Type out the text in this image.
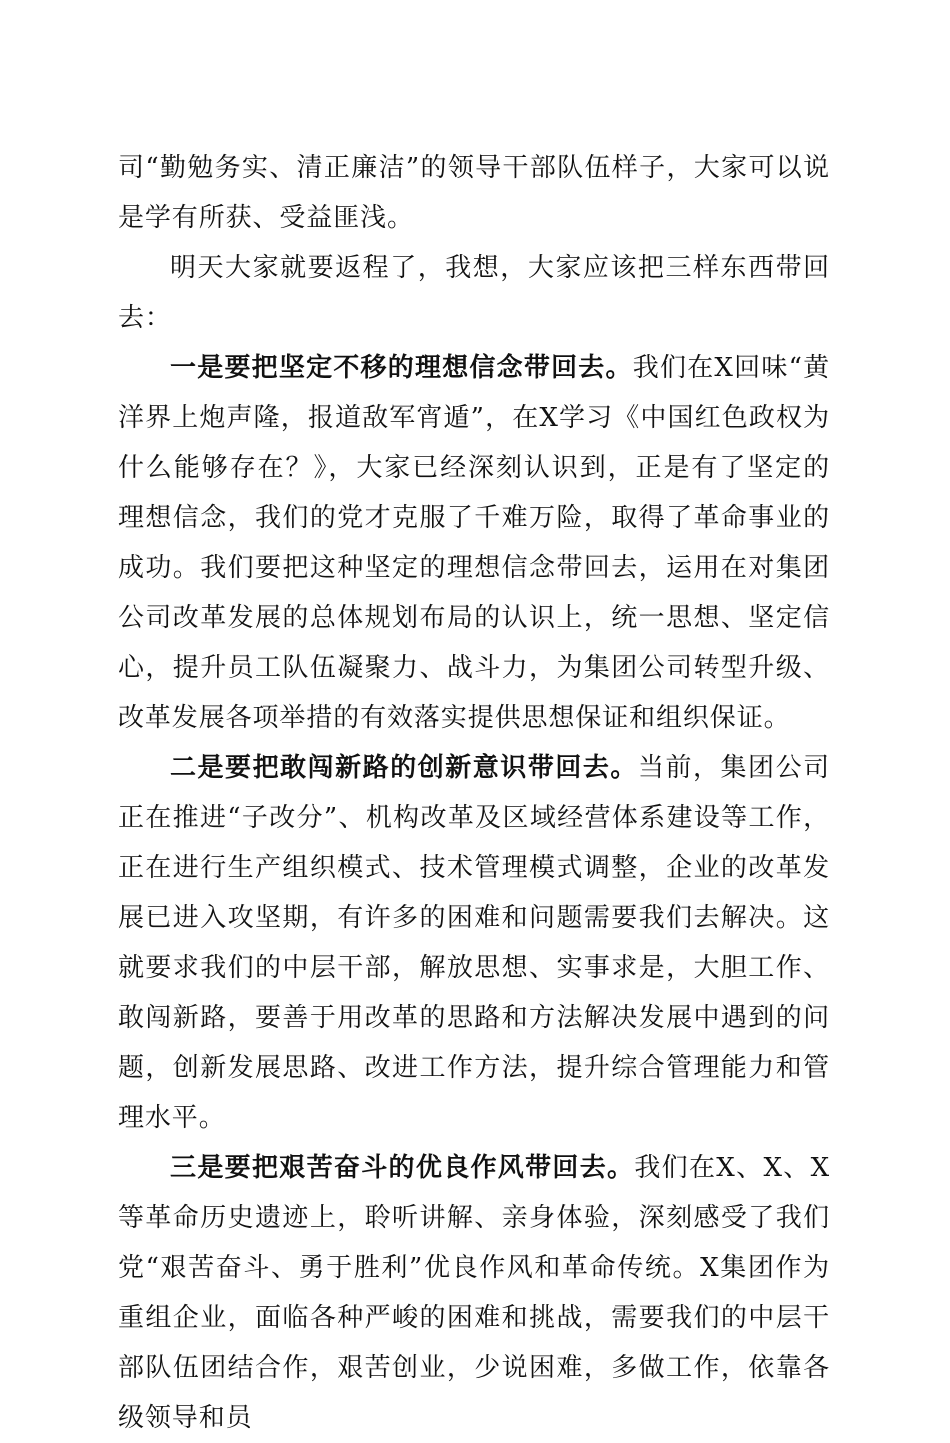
司“勤勉务实、清正廉洁”的领导干部队伍样子，大家可以说是学有所获、受益匪浅。

明天大家就要返程了，我想，大家应该把三样东西带回去：

一是要把坚定不移的理想信念带回去。我们在X回味“黄洋界上炮声隆，报道敌军宵遁”，在X学习《中国红色政权为什么能够存在？》，大家已经深刻认识到，正是有了坚定的理想信念，我们的党才克服了千难万险，取得了革命事业的成功。我们要把这种坚定的理想信念带回去，运用在对集团公司改革发展的总体规划布局的认识上，统一思想、坚定信心，提升员工队伍凝聚力、战斗力，为集团公司转型升级、改革发展各项举措的有效落实提供思想保证和组织保证。

二是要把敢闯新路的创新意识带回去。当前，集团公司正在推进“子改分”、机构改革及区域经营体系建设等工作，正在进行生产组织模式、技术管理模式调整，企业的改革发展已进入攻坚期，有许多的困难和问题需要我们去解决。这就要求我们的中层干部，解放思想、实事求是，大胆工作、敢闯新路，要善于用改革的思路和方法解决发展中遇到的问题，创新发展思路、改进工作方法，提升综合管理能力和管理水平。

三是要把艰苦奋斗的优良作风带回去。我们在X、X、X等革命历史遗迹上，聆听讲解、亲身体验，深刻感受了我们党“艰苦奋斗、勇于胜利”优良作风和革命传统。X集团作为重组企业，面临各种严峻的困难和挑战，需要我们的中层干部队伍团结合作，艰苦创业，少说困难，多做工作，依靠各级领导和员
